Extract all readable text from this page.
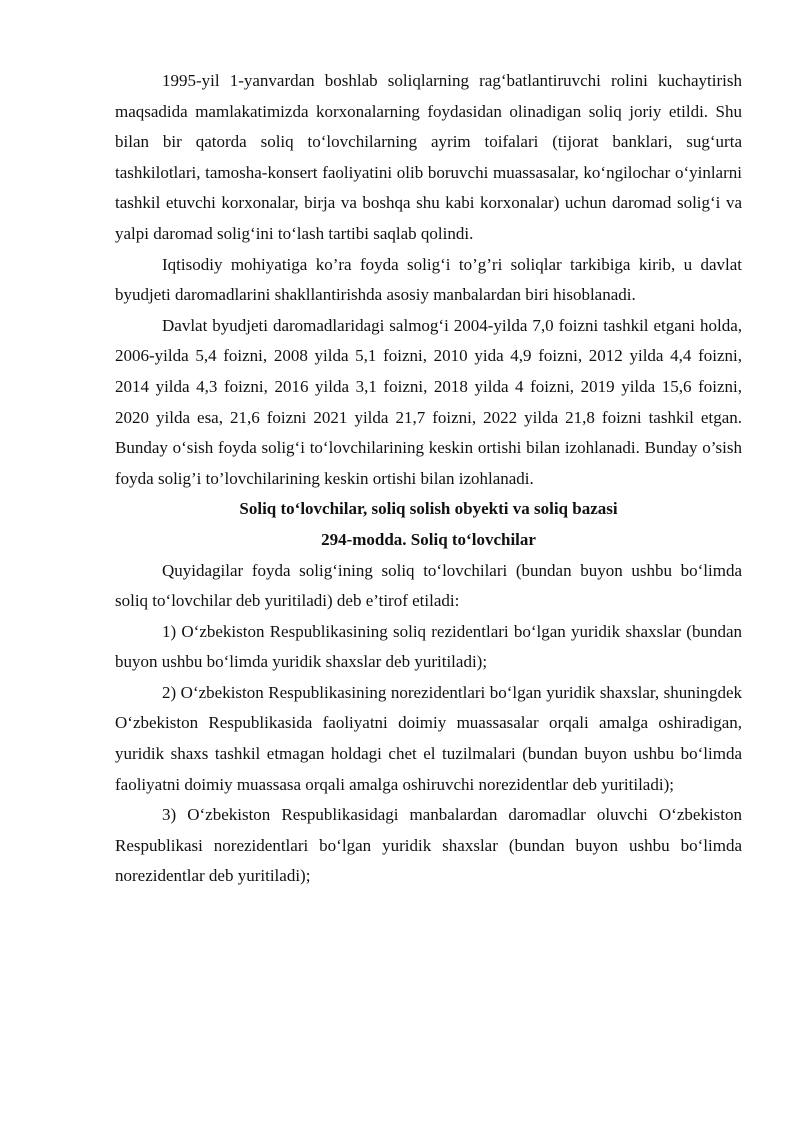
1995-yil 1-yanvardan boshlab soliqlarning rag‘batlantiruvchi rolini kuchaytirish maqsadida mamlakatimizda korxonalarning foydasidan olinadigan soliq joriy etildi. Shu bilan bir qatorda soliq to‘lovchilarning ayrim toifalari (tijorat banklari, sug‘urta tashkilotlari, tamosha-konsert faoliyatini olib boruvchi muassasalar, ko‘ngilochar o‘yinlarni tashkil etuvchi korxonalar, birja va boshqa shu kabi korxonalar) uchun daromad solig‘i va yalpi daromad solig‘ini to‘lash tartibi saqlab qolindi.

Iqtisodiy mohiyatiga ko’ra foyda solig‘i to’g’ri soliqlar tarkibiga kirib, u davlat byudjeti daromadlarini shakllantirishda asosiy manbalardan biri hisoblanadi.

Davlat byudjeti daromadlaridagi salmog‘i 2004-yilda 7,0 foizni tashkil etgani holda, 2006-yilda 5,4 foizni, 2008 yilda 5,1 foizni, 2010 yida 4,9 foizni, 2012 yilda 4,4 foizni, 2014 yilda 4,3 foizni, 2016 yilda 3,1 foizni, 2018 yilda 4 foizni, 2019 yilda 15,6 foizni, 2020 yilda esa, 21,6 foizni 2021 yilda 21,7 foizni, 2022 yilda 21,8 foizni tashkil etgan. Bunday o‘sish foyda solig‘i to‘lovchilarining keskin ortishi bilan izohlanadi. Bunday o’sish foyda solig’i to’lovchilarining keskin ortishi bilan izohlanadi.

Soliq to‘lovchilar, soliq solish obyekti va soliq bazasi

294-modda. Soliq to‘lovchilar

Quyidagilar foyda solig‘ining soliq to‘lovchilari (bundan buyon ushbu bo‘limda soliq to‘lovchilar deb yuritiladi) deb e’tirof etiladi:

1) O‘zbekiston Respublikasining soliq rezidentlari bo‘lgan yuridik shaxslar (bundan buyon ushbu bo‘limda yuridik shaxslar deb yuritiladi);

2) O‘zbekiston Respublikasining norezidentlari bo‘lgan yuridik shaxslar, shuningdek O‘zbekiston Respublikasida faoliyatni doimiy muassasalar orqali amalga oshiradigan, yuridik shaxs tashkil etmagan holdagi chet el tuzilmalari (bundan buyon ushbu bo‘limda faoliyatni doimiy muassasa orqali amalga oshiruvchi norezidentlar deb yuritiladi);

3) O‘zbekiston Respublikasidagi manbalardan daromadlar oluvchi O‘zbekiston Respublikasi norezidentlari bo‘lgan yuridik shaxslar (bundan buyon ushbu bo‘limda norezidentlar deb yuritiladi);
